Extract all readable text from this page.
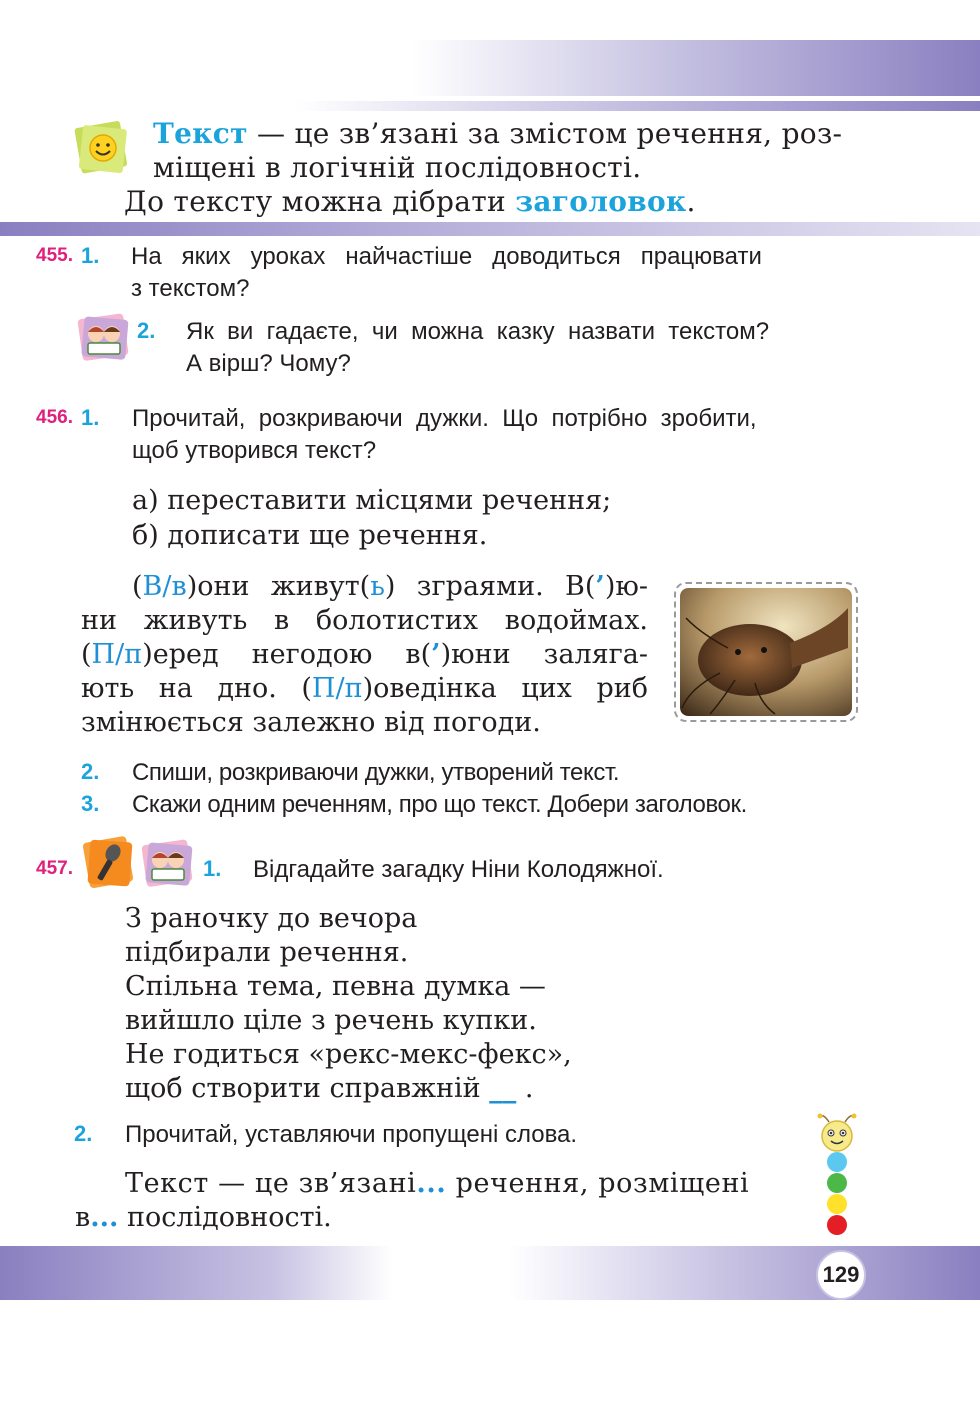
Текст — це зв’язані за змістом речення, роз-
міщені в логічній послідовності.
До тексту можна дібрати заголовок.
455. 1. На   яких   уроках   найчастіше   доводиться   працювати
з текстом?
2. Як  ви  гадаєте,  чи  можна  казку  назвати  текстом?
А вірш? Чому?
456. 1. Прочитай,  розкриваючи  дужки.  Що  потрібно  зробити,
щоб утворився текст?
а) переставити місцями речення;
б) дописати ще речення.
(В/в)они живут(ь) зграями. В(’)ю-
ни живуть в болотистих водоймах.
(П/п)еред негодою в(’)юни залягa-
ють на дно. (П/п)оведінка цих риб
змінюється залежно від погоди.
2. Спиши, розкриваючи дужки, утворений текст.
3. Скажи одним реченням, про що текст. Добери заголовок.
457.	1. Відгадайте загадку Ніни Колодяжної.
З раночку до вечора
підбирали речення.
Спільна тема, певна думка —
вийшло ціле з речень купки.
Не годиться «рекс-мекс-фекс»,
щоб створити справжній __ .
2. Прочитай, уставляючи пропущені слова.
Текст — це зв’язані... речення, розміщені
в... послідовності.
129
